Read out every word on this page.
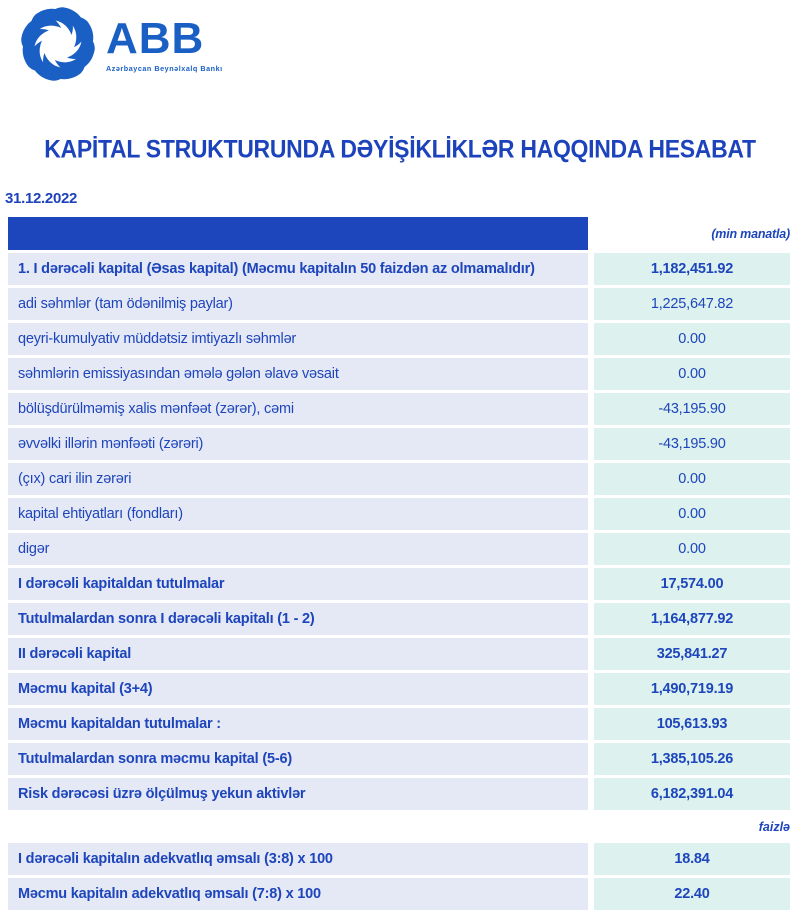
ABB
Azərbaycan Beynəlxalq Bankı
KAPİTAL STRUKTURUNDA DƏYİŞİKLİKLƏR HAQQINDA HESABAT
31.12.2022
(min manatla)
1. I dərəcəli kapital (Əsas kapital) (Məcmu kapitalın 50 faizdən az olmamalıdır)	1,182,451.92
adi səhmlər (tam ödənilmiş paylar)	1,225,647.82
qeyri-kumulyativ müddətsiz imtiyazlı səhmlər	0.00
səhmlərin emissiyasından əmələ gələn əlavə vəsait	0.00
bölüşdürülməmiş xalis mənfəət (zərər), cəmi	-43,195.90
əvvəlki illərin mənfəəti (zərəri)	-43,195.90
(çıx) cari ilin zərəri	0.00
kapital ehtiyatları (fondları)	0.00
digər	0.00
I dərəcəli kapitaldan tutulmalar	17,574.00
Tutulmalardan sonra I dərəcəli kapitalı (1 - 2)	1,164,877.92
II dərəcəli kapital	325,841.27
Məcmu kapital (3+4)	1,490,719.19
Məcmu kapitaldan tutulmalar :	105,613.93
Tutulmalardan sonra məcmu kapital (5-6)	1,385,105.26
Risk dərəcəsi üzrə ölçülmuş yekun aktivlər	6,182,391.04
faizlə
I dərəcəli kapitalın adekvatlıq əmsalı (3:8) x 100	18.84
Məcmu kapitalın adekvatlıq əmsalı (7:8) x 100	22.40
